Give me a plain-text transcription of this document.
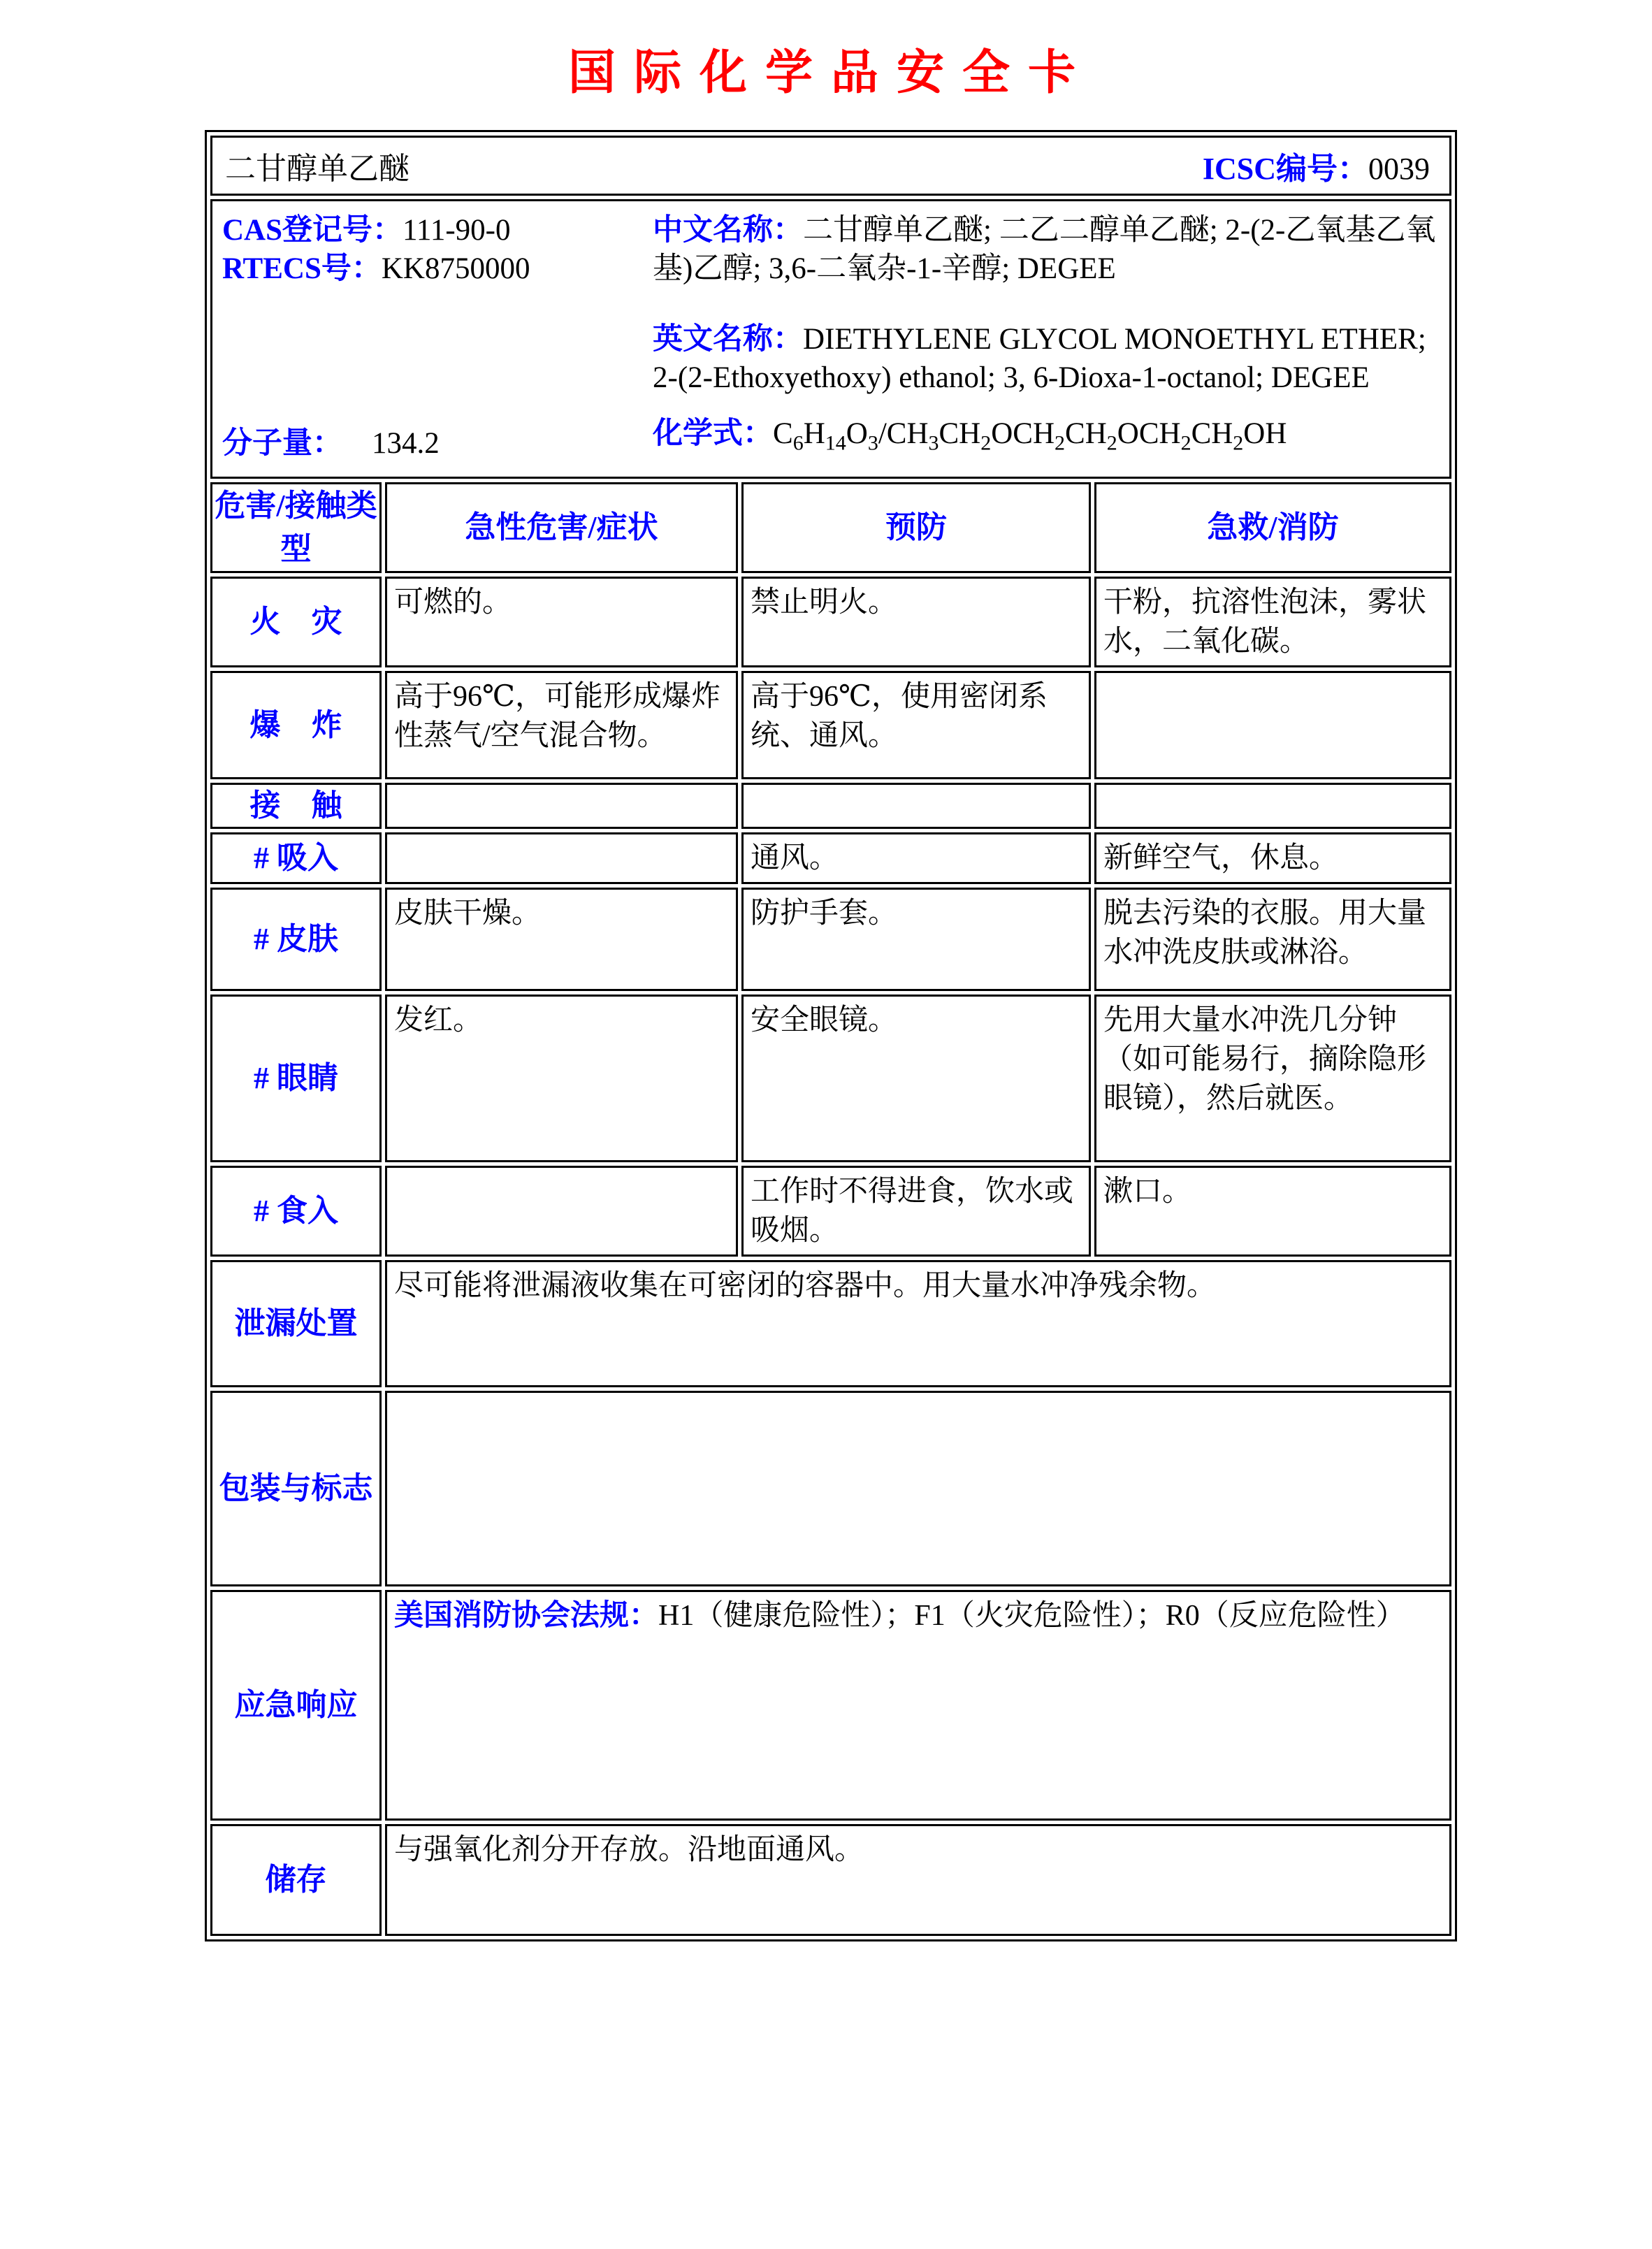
国际化学品安全卡
二甘醇单乙醚 ICSC编号：0039			

CAS登记号：111-90-0
RTECS号：KK8750000
分子量： 134.2
中文名称：二甘醇单乙醚; 二乙二醇单乙醚; 2-(2-乙氧基乙氧基)乙醇; 3,6-二氧杂-1-辛醇; DEGEE
英文名称：DIETHYLENE GLYCOL MONOETHYL ETHER; 2-(2-Ethoxyethoxy) ethanol; 3, 6-Dioxa-1-octanol; DEGEE
化学式：$C_6H_{14}O_3/CH_3CH_2OCH_2CH_2OCH_2CH_2OH$

危害/接触类型	急性危害/症状	预防	急救/消防
火　灾	可燃的。	禁止明火。	干粉，抗溶性泡沫，雾状水，二氧化碳。
爆　炸	高于96℃，可能形成爆炸性蒸气/空气混合物。	高于96℃，使用密闭系统、通风。	
接　触			
# 吸入		通风。	新鲜空气，休息。
# 皮肤	皮肤干燥。	防护手套。	脱去污染的衣服。用大量水冲洗皮肤或淋浴。
# 眼睛	发红。	安全眼镜。	先用大量水冲洗几分钟（如可能易行，摘除隐形眼镜），然后就医。
# 食入		工作时不得进食，饮水或吸烟。	漱口。
泄漏处置	尽可能将泄漏液收集在可密闭的容器中。用大量水冲净残余物。		
包装与标志			
应急响应	美国消防协会法规：H1（健康危险性）；F1（火灾危险性）；R0（反应危险性）		
储存	与强氧化剂分开存放。沿地面通风。		
